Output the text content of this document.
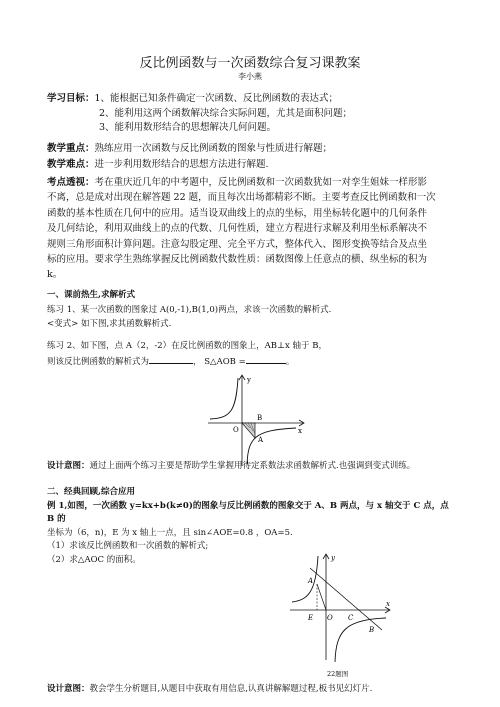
反比例函数与一次函数综合复习课教案
李小燕
学习目标：1、能根据已知条件确定一次函数、反比例函数的表达式；
2、能利用这两个函数解决综合实际问题，尤其是面积问题；
3、能利用数形结合的思想解决几何问题。
教学重点：熟练应用一次函数与反比例函数的图象与性质进行解题；
教学难点：进一步利用数形结合的思想方法进行解题.
考点透视：考在重庆近几年的中考题中，反比例函数和一次函数犹如一对孪生姐妹一样形影
不离，总是成对出现在解答题 22 题，而且每次出场都精彩不断。主要考查反比例函数和一次
函数的基本性质在几何中的应用。适当设双曲线上的点的坐标，用坐标转化题中的几何条件
及几何结论，利用双曲线上的点的代数、几何性质，建立方程进行求解及利用坐标系解决不
规则三角形面积计算问题。注意勾股定理、完全平方式，整体代入、图形变换等结合及点坐
标的应用。要求学生熟练掌握反比例函数代数性质：函数图像上任意点的横、纵坐标的积为
k。
一、课前热生,求解析式
练习 1、某一次函数的图象过 A(0,-1),B(1,0)两点，求该一次函数的解析式.
<变式> 如下图,求其函数解析式.
练习 2、如下图，点 A（2，-2）在反比例函数的图象上，AB⊥x 轴于 B，
则该反比例函数的解析式为	， S△AOB =	。
y
x
O
B
A
设计意图：通过上面两个练习主要是帮助学生掌握用待定系数法求函数解析式.也强调到变式训练。
二、经典回顾,综合应用
例 1,如图，一次函数 y=kx+b(k≠0)的图象与反比例函数的图象交于 A、B 两点，与 x 轴交于 C 点，点 B 的
坐标为（6，n)，E 为 x 轴上一点，且 sin∠AOE=0.8 ，OA=5.
（1）求该反比例函数和一次函数的解析式;
（2）求△AOC 的面积。	y
x
A
E O C
B
22题图
设计意图：教会学生分析题目,从题目中获取有用信息,认真讲解解题过程,板书见幻灯片.
